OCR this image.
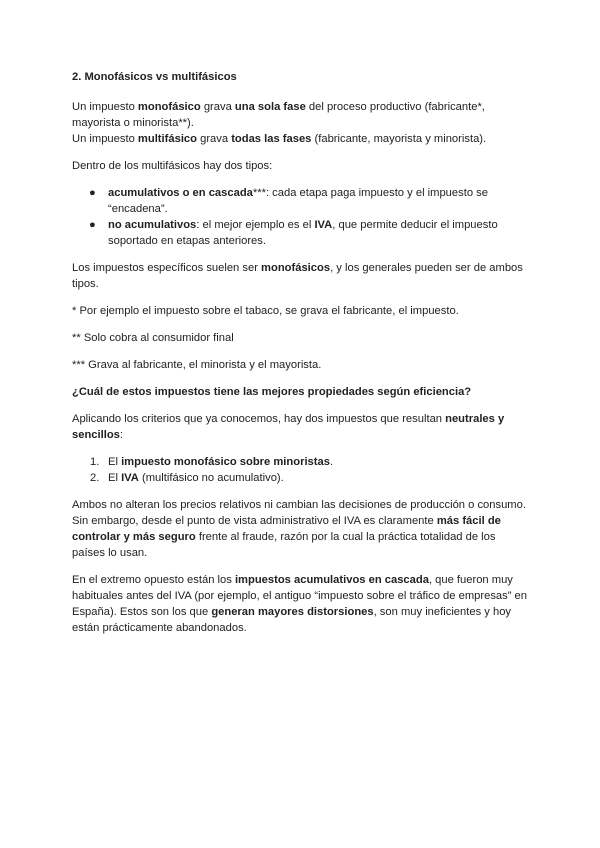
2. Monofásicos vs multifásicos

Un impuesto monofásico grava una sola fase del proceso productivo (fabricante*, mayorista o minorista**).

Un impuesto multifásico grava todas las fases (fabricante, mayorista y minorista).

Dentro de los multifásicos hay dos tipos:

● acumulativos o en cascada***: cada etapa paga impuesto y el impuesto se “encadena”.
● no acumulativos: el mejor ejemplo es el IVA, que permite deducir el impuesto soportado en etapas anteriores.

Los impuestos específicos suelen ser monofásicos, y los generales pueden ser de ambos tipos.

* Por ejemplo el impuesto sobre el tabaco, se grava el fabricante, el impuesto.

** Solo cobra al consumidor final

*** Grava al fabricante, el minorista y el mayorista.

¿Cuál de estos impuestos tiene las mejores propiedades según eficiencia?

Aplicando los criterios que ya conocemos, hay dos impuestos que resultan neutrales y sencillos:

1. El impuesto monofásico sobre minoristas.
2. El IVA (multifásico no acumulativo).

Ambos no alteran los precios relativos ni cambian las decisiones de producción o consumo. Sin embargo, desde el punto de vista administrativo el IVA es claramente más fácil de controlar y más seguro frente al fraude, razón por la cual la práctica totalidad de los países lo usan.

En el extremo opuesto están los impuestos acumulativos en cascada, que fueron muy habituales antes del IVA (por ejemplo, el antiguo “impuesto sobre el tráfico de empresas” en España). Estos son los que generan mayores distorsiones, son muy ineficientes y hoy están prácticamente abandonados.
